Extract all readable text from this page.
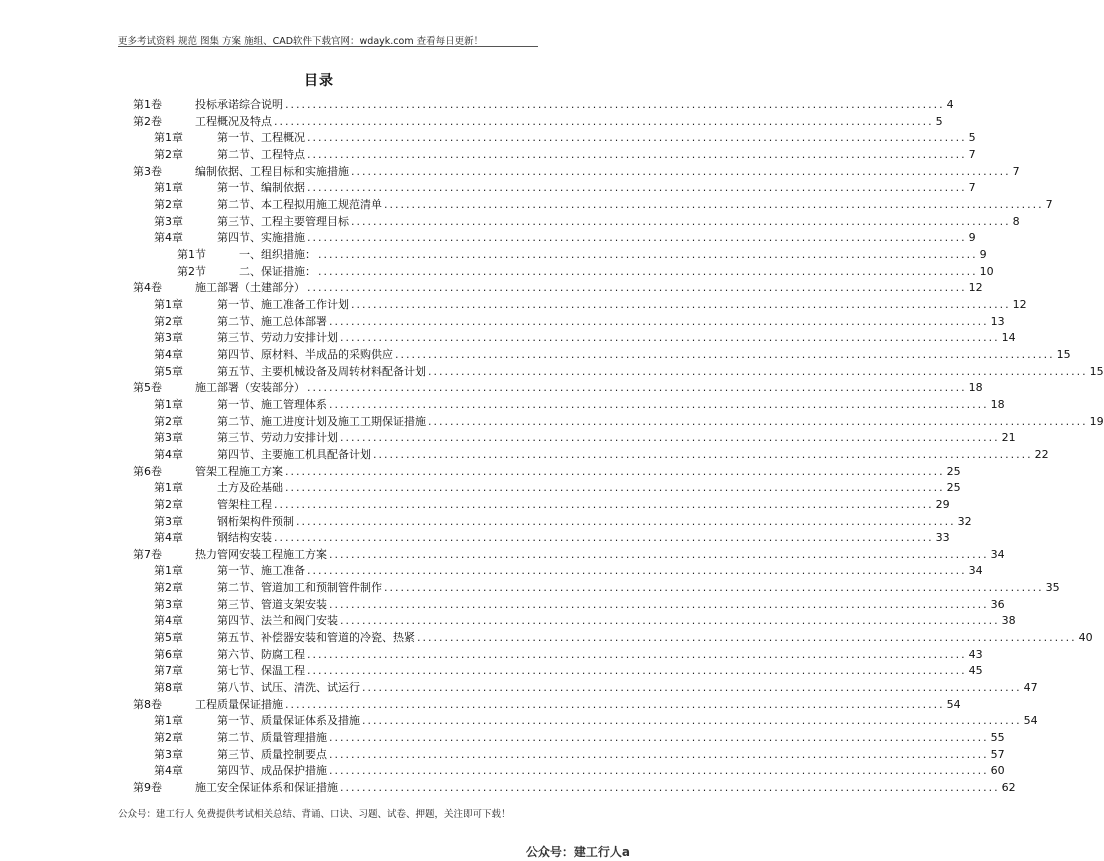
更多考试资料 规范 图集 方案 施组、CAD软件下载官网：wdayk.com 查看每日更新！
目录
第1卷	投标承诺综合说明 ........................................................................................................................ 4
第2卷	工程概况及特点 ........................................................................................................................ 5
第1章	第一节、工程概况 ........................................................................................................................ 5
第2章	第二节、工程特点 ........................................................................................................................ 7
第3卷	编制依据、工程目标和实施措施 ........................................................................................................................ 7
第1章	第一节、编制依据 ........................................................................................................................ 7
第2章	第二节、本工程拟用施工规范清单 ........................................................................................................................ 7
第3章	第三节、工程主要管理目标 ........................................................................................................................ 8
第4章	第四节、实施措施 ........................................................................................................................ 9
第1节	一、组织措施： ........................................................................................................................ 9
第2节	二、保证措施： ........................................................................................................................ 10
第4卷	施工部署（土建部分） ........................................................................................................................ 12
第1章	第一节、施工准备工作计划 ........................................................................................................................ 12
第2章	第二节、施工总体部署 ........................................................................................................................ 13
第3章	第三节、劳动力安排计划 ........................................................................................................................ 14
第4章	第四节、原材料、半成品的采购供应 ........................................................................................................................ 15
第5章	第五节、主要机械设备及周转材料配备计划 ........................................................................................................................ 15
第5卷	施工部署（安装部分） ........................................................................................................................ 18
第1章	第一节、施工管理体系 ........................................................................................................................ 18
第2章	第二节、施工进度计划及施工工期保证措施 ........................................................................................................................ 19
第3章	第三节、劳动力安排计划 ........................................................................................................................ 21
第4章	第四节、主要施工机具配备计划 ........................................................................................................................ 22
第6卷	管架工程施工方案 ........................................................................................................................ 25
第1章	土方及砼基础 ........................................................................................................................ 25
第2章	管架柱工程 ........................................................................................................................ 29
第3章	钢桁架构件预制 ........................................................................................................................ 32
第4章	钢结构安装 ........................................................................................................................ 33
第7卷	热力管网安装工程施工方案 ........................................................................................................................ 34
第1章	第一节、施工准备 ........................................................................................................................ 34
第2章	第二节、管道加工和预制管件制作 ........................................................................................................................ 35
第3章	第三节、管道支架安装 ........................................................................................................................ 36
第4章	第四节、法兰和阀门安装 ........................................................................................................................ 38
第5章	第五节、补偿器安装和管道的冷瓷、热紧 ........................................................................................................................ 40
第6章	第六节、防腐工程 ........................................................................................................................ 43
第7章	第七节、保温工程 ........................................................................................................................ 45
第8章	第八节、试压、清洗、试运行 ........................................................................................................................ 47
第8卷	工程质量保证措施 ........................................................................................................................ 54
第1章	第一节、质量保证体系及措施 ........................................................................................................................ 54
第2章	第二节、质量管理措施 ........................................................................................................................ 55
第3章	第三节、质量控制要点 ........................................................................................................................ 57
第4章	第四节、成品保护措施 ........................................................................................................................ 60
第9卷	施工安全保证体系和保证措施 ........................................................................................................................ 62
公众号：建工行人 免费提供考试相关总结、背诵、口诀、习题、试卷、押题，关注即可下载！
公众号：建工行人a
